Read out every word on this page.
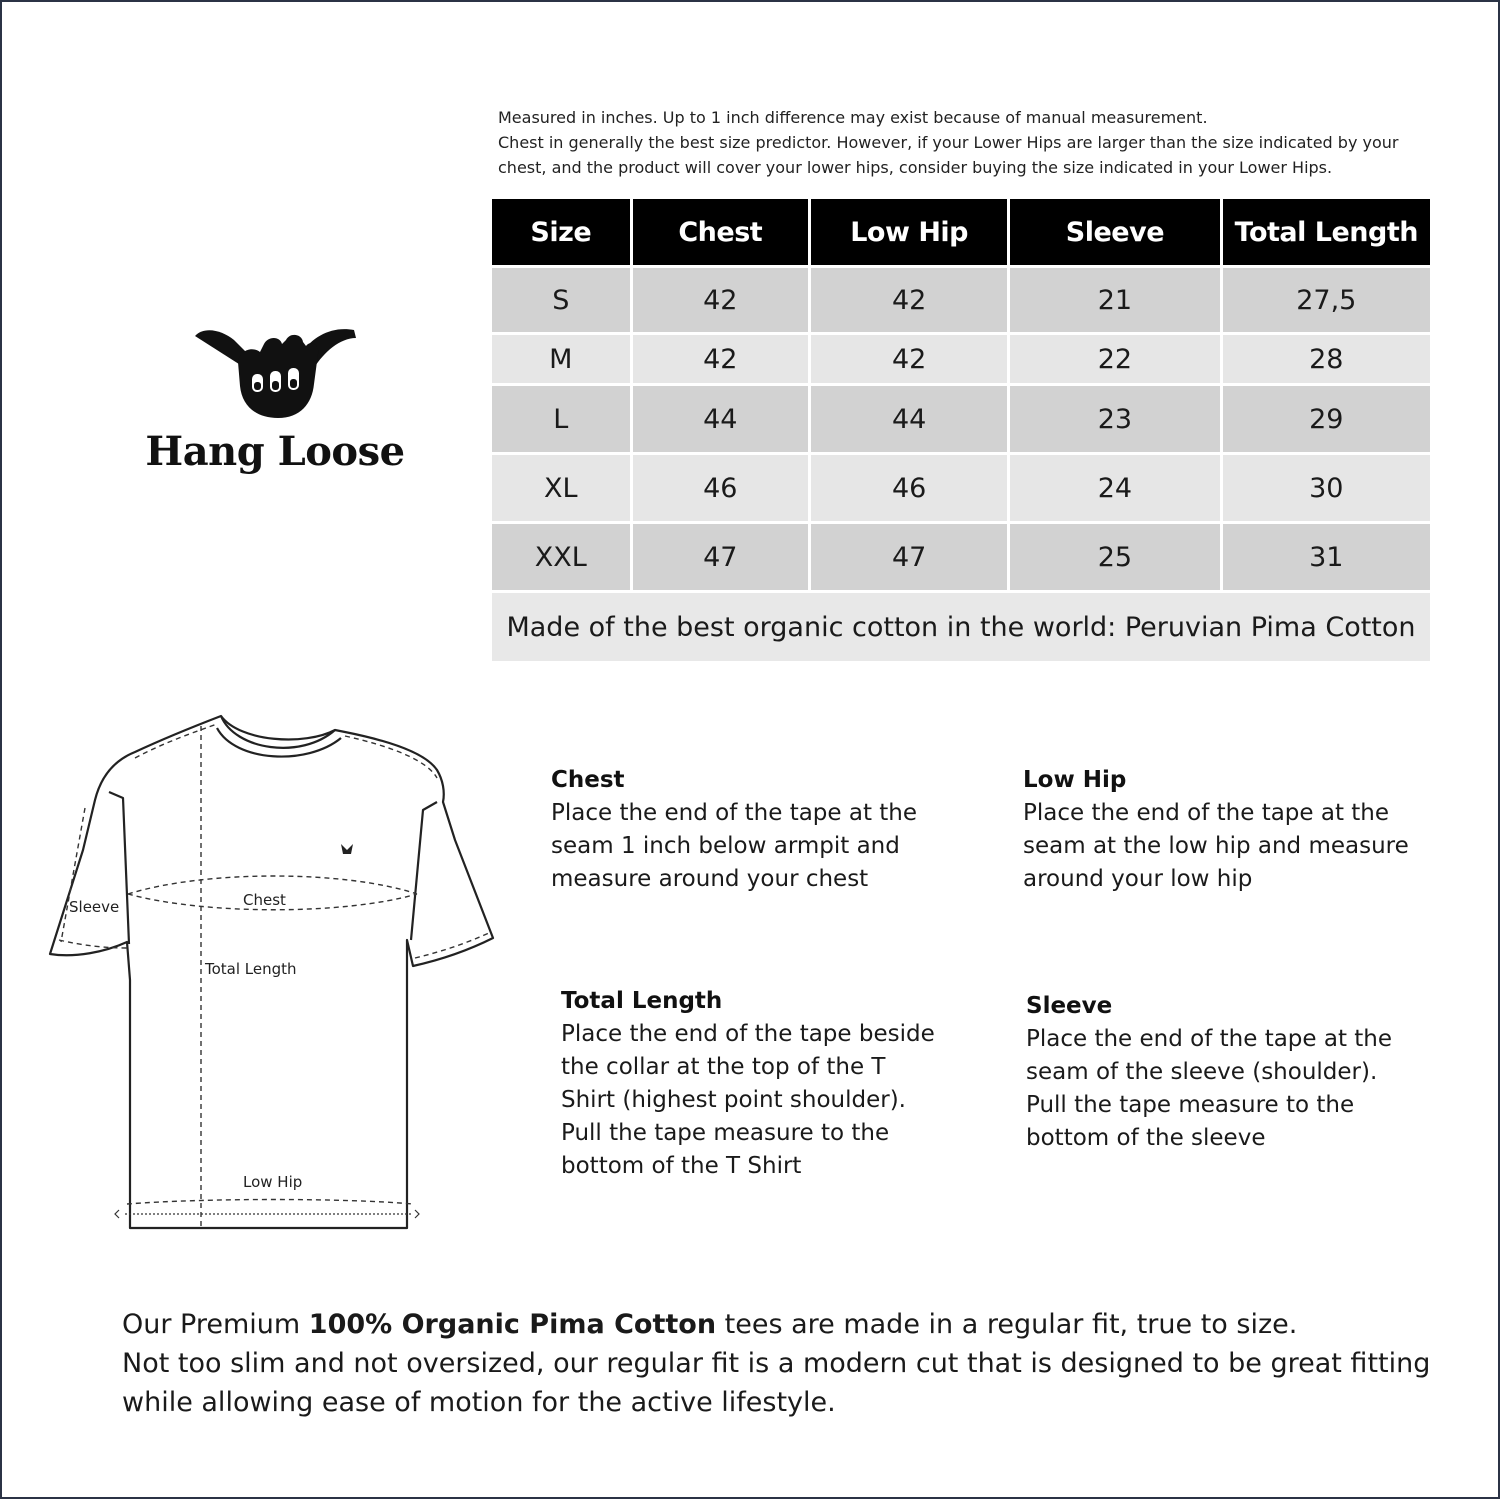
Measured in inches. Up to 1 inch difference may exist because of manual measurement.

Chest in generally the best size predictor. However, if your Lower Hips are larger than the size indicated by your chest, and the product will cover your lower hips, consider buying the size indicated in your Lower Hips.

Size	Chest	Low Hip	Sleeve	Total Length
S	42	42	21	27,5
M	42	42	22	28
L	44	44	23	29
XL	46	46	24	30
XXL	47	47	25	31
Made of the best organic cotton in the world: Peruvian Pima Cotton				
Hang Loose
Sleeve	Chest
Total Length
Low Hip
Chest

Place the end of the tape at the seam 1 inch below armpit and measure around your chest

Low Hip

Place the end of the tape at the seam at the low hip and measure around your low hip

Total Length

Place the end of the tape beside the collar at the top of the T Shirt (highest point shoulder). Pull the tape measure to the bottom of the T Shirt

Sleeve

Place the end of the tape at the seam of the sleeve (shoulder). Pull the tape measure to the bottom of the sleeve

Our Premium 100% Organic Pima Cotton tees are made in a regular fit, true to size.

Not too slim and not oversized, our regular fit is a modern cut that is designed to be great fitting while allowing ease of motion for the active lifestyle.
